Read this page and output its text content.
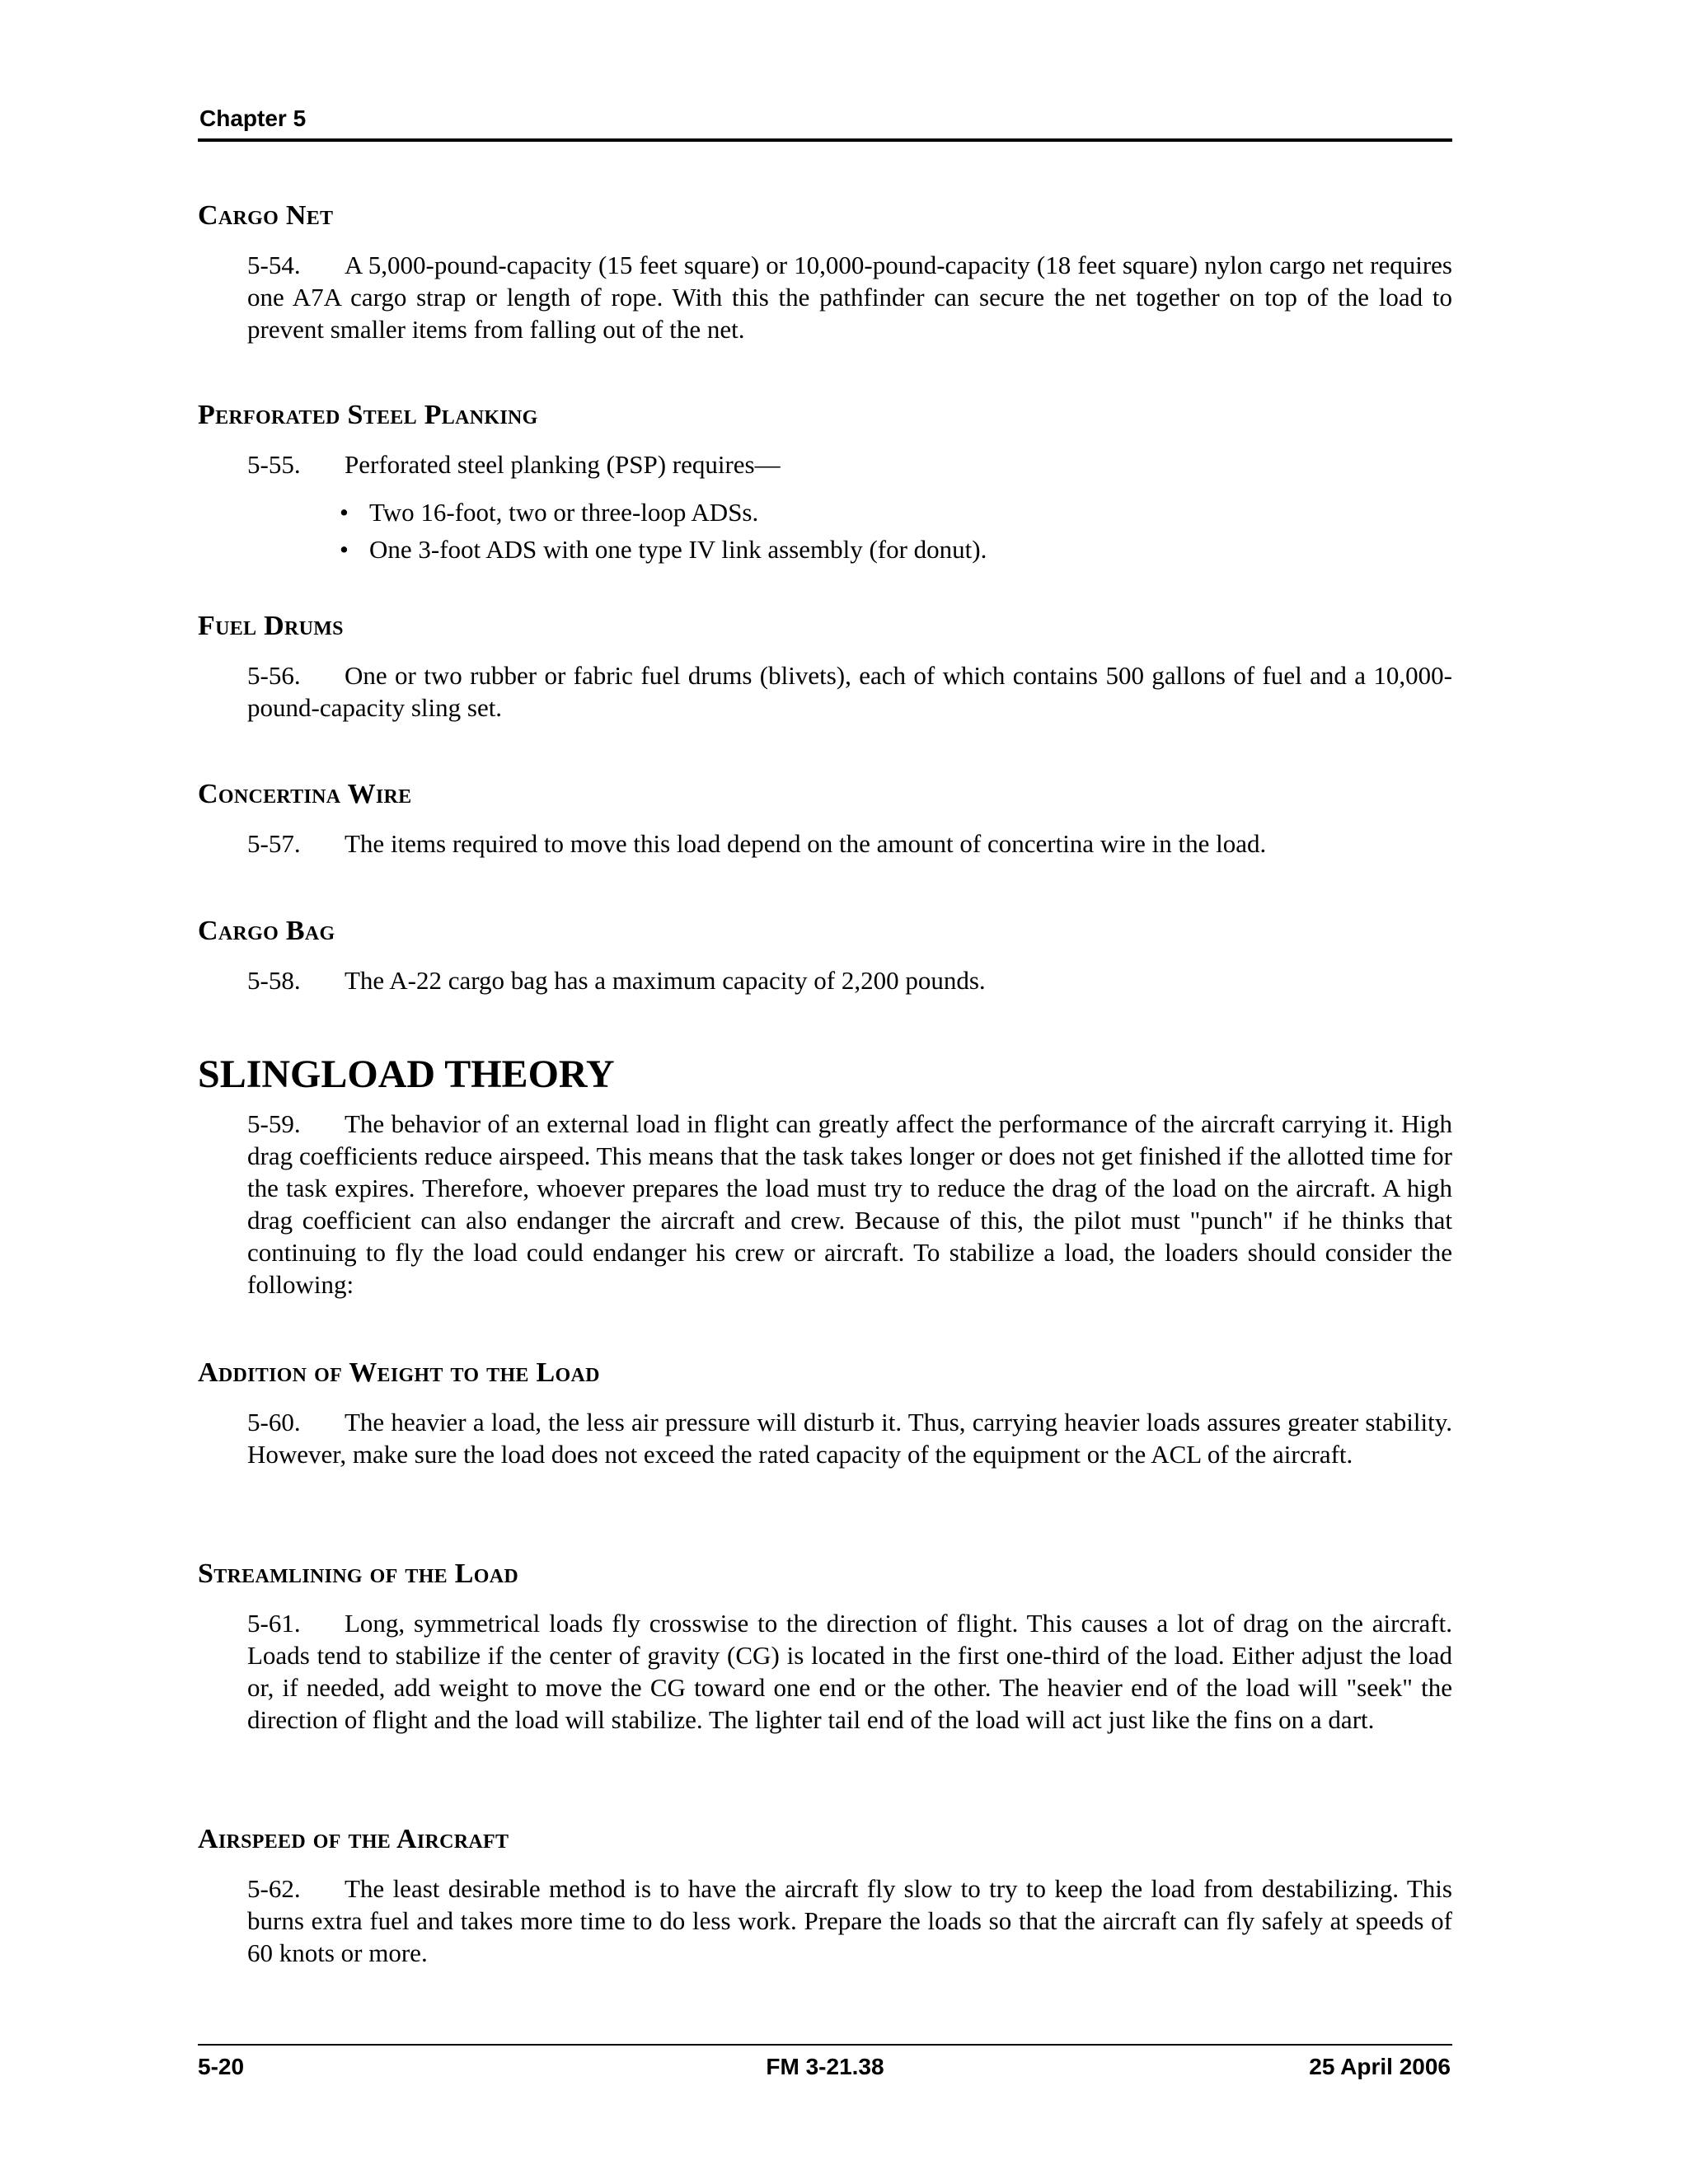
Chapter 5
Cargo Net

5-54. A 5,000-pound-capacity (15 feet square) or 10,000-pound-capacity (18 feet square) nylon cargo net requires one A7A cargo strap or length of rope. With this the pathfinder can secure the net together on top of the load to prevent smaller items from falling out of the net.

Perforated Steel Planking

5-55. Perforated steel planking (PSP) requires—

• Two 16-foot, two or three-loop ADSs.
• One 3-foot ADS with one type IV link assembly (for donut).
Fuel Drums

5-56. One or two rubber or fabric fuel drums (blivets), each of which contains 500 gallons of fuel and a 10,000-pound-capacity sling set.

Concertina Wire

5-57. The items required to move this load depend on the amount of concertina wire in the load.

Cargo Bag

5-58. The A-22 cargo bag has a maximum capacity of 2,200 pounds.

SLINGLOAD THEORY

5-59. The behavior of an external load in flight can greatly affect the performance of the aircraft carrying it. High drag coefficients reduce airspeed. This means that the task takes longer or does not get finished if the allotted time for the task expires. Therefore, whoever prepares the load must try to reduce the drag of the load on the aircraft. A high drag coefficient can also endanger the aircraft and crew. Because of this, the pilot must "punch" if he thinks that continuing to fly the load could endanger his crew or aircraft. To stabilize a load, the loaders should consider the following:

Addition of Weight to the Load

5-60. The heavier a load, the less air pressure will disturb it. Thus, carrying heavier loads assures greater stability. However, make sure the load does not exceed the rated capacity of the equipment or the ACL of the aircraft.

Streamlining of the Load

5-61. Long, symmetrical loads fly crosswise to the direction of flight. This causes a lot of drag on the aircraft. Loads tend to stabilize if the center of gravity (CG) is located in the first one-third of the load. Either adjust the load or, if needed, add weight to move the CG toward one end or the other. The heavier end of the load will "seek" the direction of flight and the load will stabilize. The lighter tail end of the load will act just like the fins on a dart.

Airspeed of the Aircraft

5-62. The least desirable method is to have the aircraft fly slow to try to keep the load from destabilizing. This burns extra fuel and takes more time to do less work. Prepare the loads so that the aircraft can fly safely at speeds of 60 knots or more.

5-20	FM 3-21.38	25 April 2006
